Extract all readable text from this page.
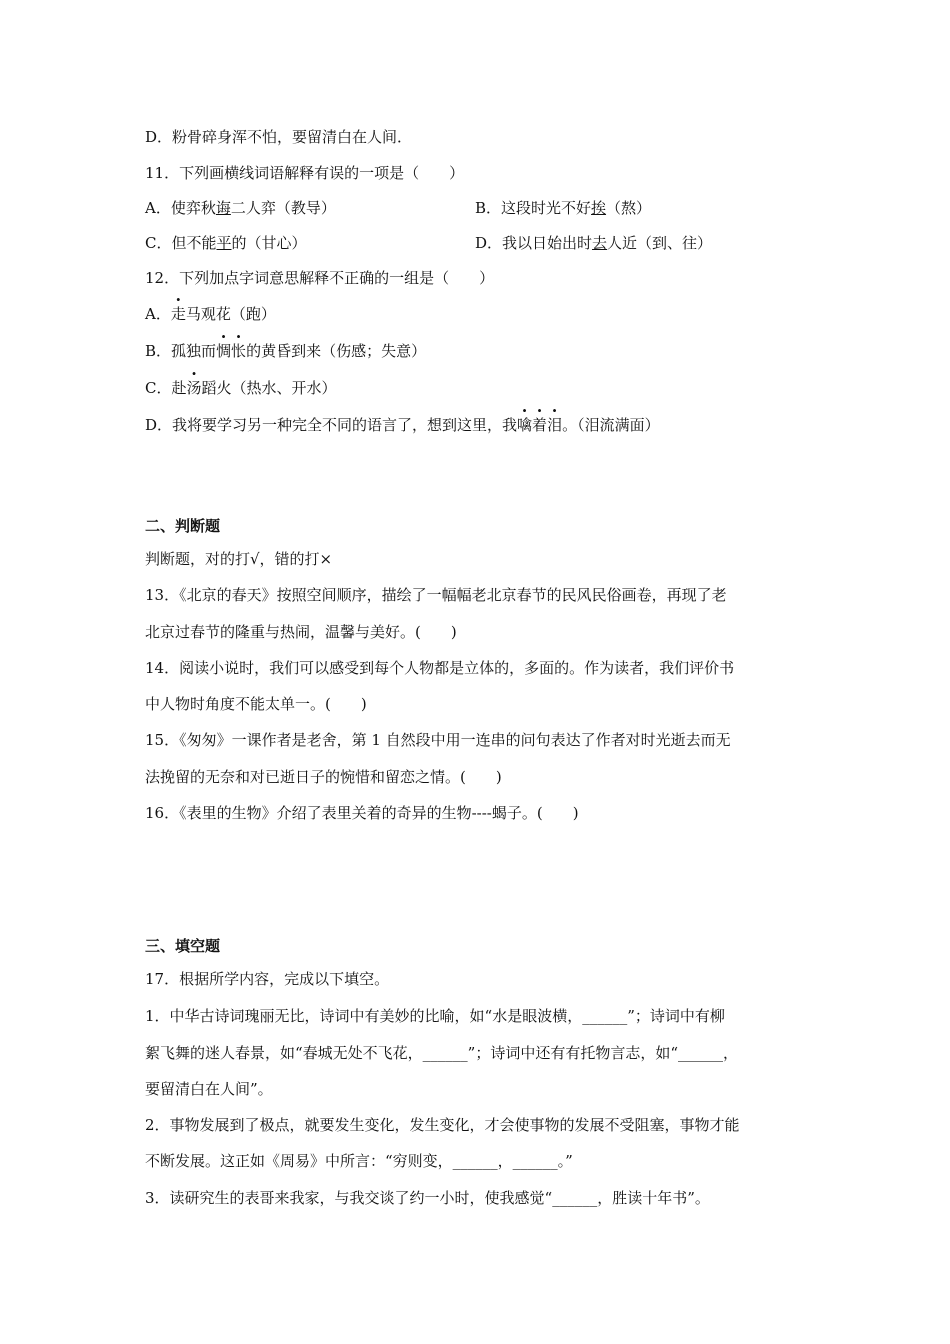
D．粉骨碎身浑不怕，要留清白在人间．
11．下列画横线词语解释有误的一项是（　　）
A．使弈秋诲二人弈（教导）	B．这段时光不好挨（熬）
C．但不能平的（甘心）	D．我以日始出时去人近（到、往）
12．下列加点字词意思解释不正确的一组是（　　）
A．走马观花（跑）
B．孤独而惆怅的黄昏到来（伤感；失意）
C．赴汤蹈火（热水、开水）
D．我将要学习另一种完全不同的语言了，想到这里，我噙着泪。（泪流满面）
二、判断题
判断题，对的打√，错的打×
13．《北京的春天》按照空间顺序，描绘了一幅幅老北京春节的民风民俗画卷，再现了老
北京过春节的隆重与热闹，温馨与美好。(　　)
14．阅读小说时，我们可以感受到每个人物都是立体的，多面的。作为读者，我们评价书
中人物时角度不能太单一。(　　)
15．《匆匆》一课作者是老舍，第 1 自然段中用一连串的问句表达了作者对时光逝去而无
法挽留的无奈和对已逝日子的惋惜和留恋之情。(　　)
16．《表里的生物》介绍了表里关着的奇异的生物----蝎子。(　　)
三、填空题
17．根据所学内容，完成以下填空。
1．中华古诗词瑰丽无比，诗词中有美妙的比喻，如“水是眼波横，______”；诗词中有柳
絮飞舞的迷人春景，如“春城无处不飞花，______”；诗词中还有有托物言志，如“______，
要留清白在人间”。
2．事物发展到了极点，就要发生变化，发生变化，才会使事物的发展不受阻塞，事物才能
不断发展。这正如《周易》中所言：“穷则变，______，______。”
3．读研究生的表哥来我家，与我交谈了约一小时，使我感觉“______，胜读十年书”。
